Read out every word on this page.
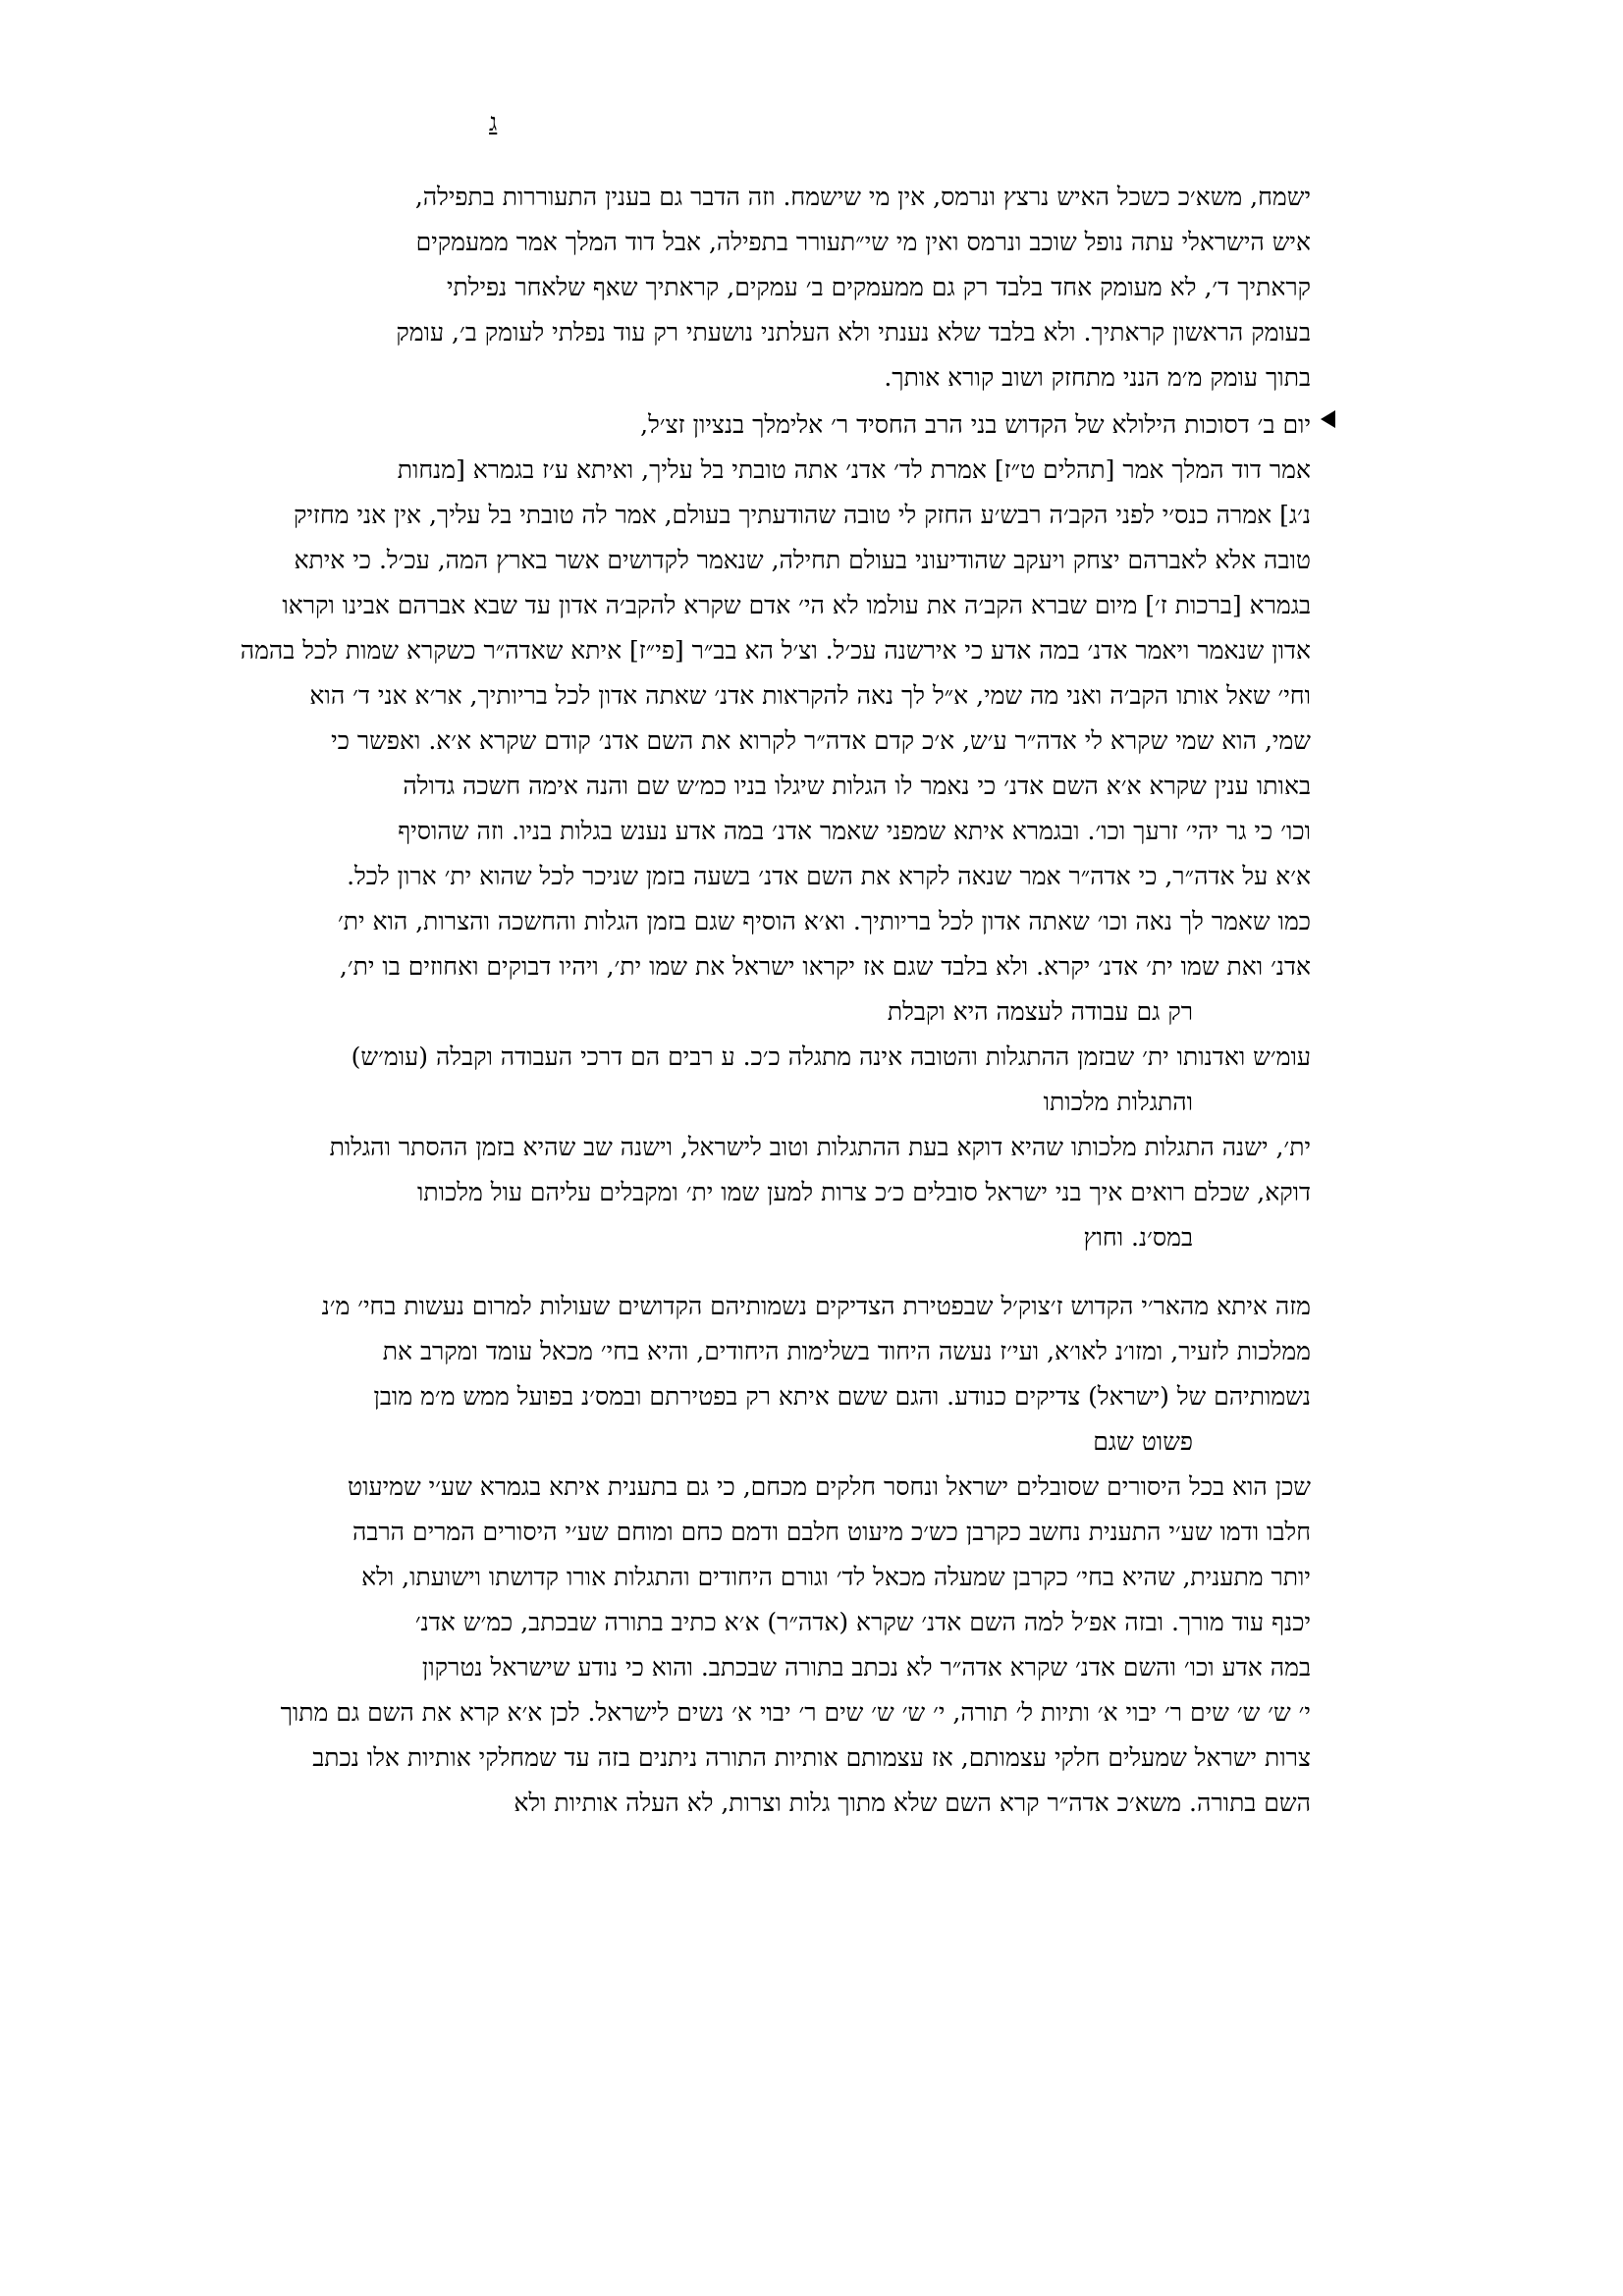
ג
ישמח, משא׳כ כשכל האיש נרצץ ונרמס, אין מי שישמח. וזה הדבר גם בענין התעוררות בתפילה,
איש הישראלי עתה נופל שוכב ונרמס ואין מי שי״תעורר בתפילה, אבל דוד המלך אמר ממעמקים
קראתיך ד׳, לא מעומק אחד בלבד רק גם ממעמקים ב׳ עמקים, קראתיך שאף שלאחר נפילתי
בעומק הראשון קראתיך. ולא בלבד שלא נענתי ולא העלתני נושעתי רק עוד נפלתי לעומק ב׳, עומק
בתוך עומק מ׳מ הנני מתחזק ושוב קורא אותך.
יום ב׳ דסוכות הילולא של הקדוש בני הרב החסיד ר׳ אלימלך בנציון זצ׳ל,
אמר דוד המלך אמר [תהלים ט״ז] אמרת לד׳ אדנ׳ אתה טובתי בל עליך, ואיתא ע׳ז בגמרא [מנחות
נ׳ג] אמרה כנס׳י לפני הקב׳ה רבש׳ע החזק לי טובה שהודעתיך בעולם, אמר לה טובתי בל עליך, אין אני מחזיק
טובה אלא לאברהם יצחק ויעקב שהודיעוני בעולם תחילה, שנאמר לקדושים אשר בארץ המה, עכ׳ל. כי איתא
בגמרא [ברכות ז׳] מיום שברא הקב׳ה את עולמו לא הי׳ אדם שקרא להקב׳ה אדון עד שבא אברהם אבינו וקראו
אדון שנאמר ויאמר אדנ׳ במה אדע כי אירשנה עכ׳ל. וצ׳ל הא בב״ר [פי״ז] איתא שאדה״ר כשקרא שמות לכל בהמה
וחי׳ שאל אותו הקב׳ה ואני מה שמי, א״ל לך נאה להקראות אדנ׳ שאתה אדון לכל בריותיך, אר׳א אני ד׳ הוא
שמי, הוא שמי שקרא לי אדה״ר ע׳ש, א׳כ קדם אדה״ר לקרוא את השם אדנ׳ קודם שקרא א׳א. ואפשר כי
באותו ענין שקרא א׳א השם אדנ׳ כי נאמר לו הגלות שיגלו בניו כמ׳ש שם והנה אימה חשכה גדולה
וכו׳ כי גר יהי׳ זרעך וכו׳. ובגמרא איתא שמפני שאמר אדנ׳ במה אדע נענש בגלות בניו. וזה שהוסיף
א׳א על אדה״ר, כי אדה״ר אמר שנאה לקרא את השם אדנ׳ בשעה בזמן שניכר לכל שהוא ית׳ ארון לכל.
כמו שאמר לך נאה וכו׳ שאתה אדון לכל בריותיך. וא׳א הוסיף שגם בזמן הגלות והחשכה והצרות, הוא ית׳
אדנ׳ ואת שמו ית׳ אדנ׳ יקרא. ולא בלבד שגם אז יקראו ישראל את שמו ית׳, ויהיו דבוקים ואחוזים בו ית׳,
רק גם עבודה לעצמה היא וקבלת
עומ׳ש ואדנותו ית׳ שבזמן ההתגלות והטובה אינה מתגלה כ׳כ. ע רבים הם דרכי העבודה וקבלה (עומ׳ש)
והתגלות מלכותו
ית׳, ישנה התגלות מלכותו שהיא דוקא בעת ההתגלות וטוב לישראל, וישנה שב שהיא בזמן ההסתר והגלות
דוקא, שכלם רואים איך בני ישראל סובלים כ׳כ צרות למען שמו ית׳ ומקבלים עליהם עול מלכותו
במס׳נ. וחוץ
מזה איתא מהאר׳י הקדוש ז׳צוק׳ל שבפטירת הצדיקים נשמותיהם הקדושים שעולות למרום נעשות בחי׳ מ׳נ
ממלכות לזעיר, ומזו׳נ לאו׳א, ועי׳ז נעשה היחוד בשלימות היחודים, והיא בחי׳ מכאל עומד ומקרב את
נשמותיהם של (ישראל) צדיקים כנודע. והגם ששם איתא רק בפטירתם ובמס׳נ בפועל ממש מ׳מ מובן
פשוט שגם
שכן הוא בכל היסורים שסובלים ישראל ונחסר חלקים מכחם, כי גם בתענית איתא בגמרא שע׳י שמיעוט
חלבו ודמו שע׳י התענית נחשב כקרבן כש׳כ מיעוט חלבם ודמם כחם ומוחם שע׳י היסורים המרים הרבה
יותר מתענית, שהיא בחי׳ כקרבן שמעלה מכאל לד׳ וגורם היחודים והתגלות אורו קדושתו וישועתו, ולא
יכנף עוד מורך. ובזה אפ׳ל למה השם אדנ׳ שקרא (אדה״ר) א׳א כתיב בתורה שבכתב, כמ׳ש אדנ׳
במה אדע וכו׳ והשם אדנ׳ שקרא אדה״ר לא נכתב בתורה שבכתב. והוא כי נודע שישראל נטרקון
י׳ ש׳ ש׳ שים ר׳ יבוי א׳ ותיות ל׳ תורה, י׳ ש׳ ש׳ שים ר׳ יבוי א׳ נשים לישראל. לכן א׳א קרא את השם גם מתוך
צרות ישראל שמעלים חלקי עצמותם, אז עצמותם אותיות התורה ניתנים בזה עד שמחלקי אותיות אלו נכתב
השם בתורה. משא׳כ אדה״ר קרא השם שלא מתוך גלות וצרות, לא העלה אותיות ולא
